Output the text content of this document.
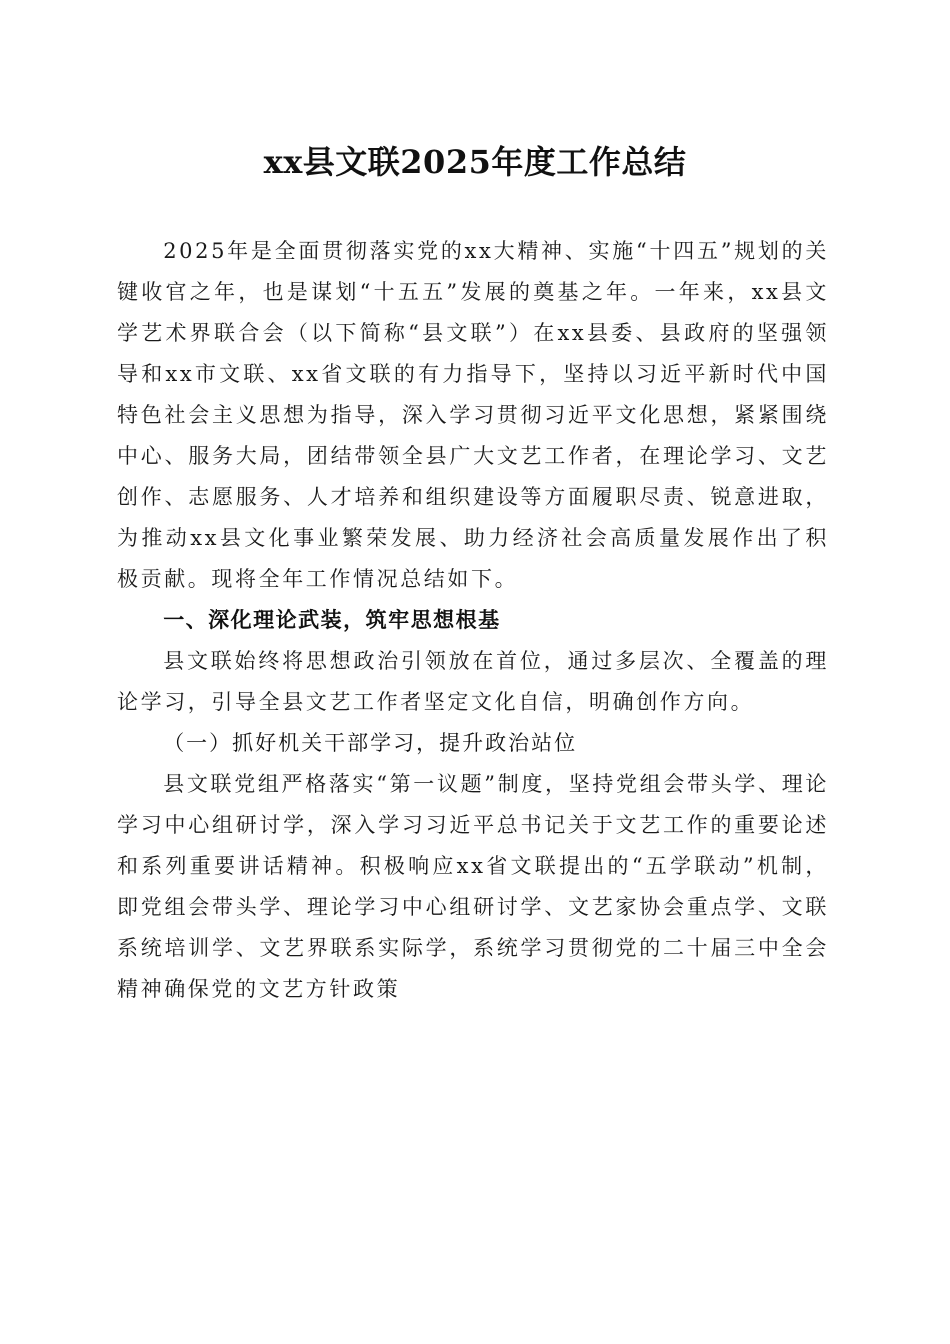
xx县文联2025年度工作总结

2025年是全面贯彻落实党的xx大精神、实施“十四五”规划的关键收官之年，也是谋划“十五五”发展的奠基之年。一年来，xx县文学艺术界联合会（以下简称“县文联”）在xx县委、县政府的坚强领导和xx市文联、xx省文联的有力指导下，坚持以习近平新时代中国特色社会主义思想为指导，深入学习贯彻习近平文化思想，紧紧围绕中心、服务大局，团结带领全县广大文艺工作者，在理论学习、文艺创作、志愿服务、人才培养和组织建设等方面履职尽责、锐意进取，为推动xx县文化事业繁荣发展、助力经济社会高质量发展作出了积极贡献。现将全年工作情况总结如下。

一、深化理论武装，筑牢思想根基

县文联始终将思想政治引领放在首位，通过多层次、全覆盖的理论学习，引导全县文艺工作者坚定文化自信，明确创作方向。

（一）抓好机关干部学习，提升政治站位

县文联党组严格落实“第一议题”制度，坚持党组会带头学、理论学习中心组研讨学，深入学习习近平总书记关于文艺工作的重要论述和系列重要讲话精神。积极响应xx省文联提出的“五学联动”机制，即党组会带头学、理论学习中心组研讨学、文艺家协会重点学、文联系统培训学、文艺界联系实际学，系统学习贯彻党的二十届三中全会精神确保党的文艺方针政策
